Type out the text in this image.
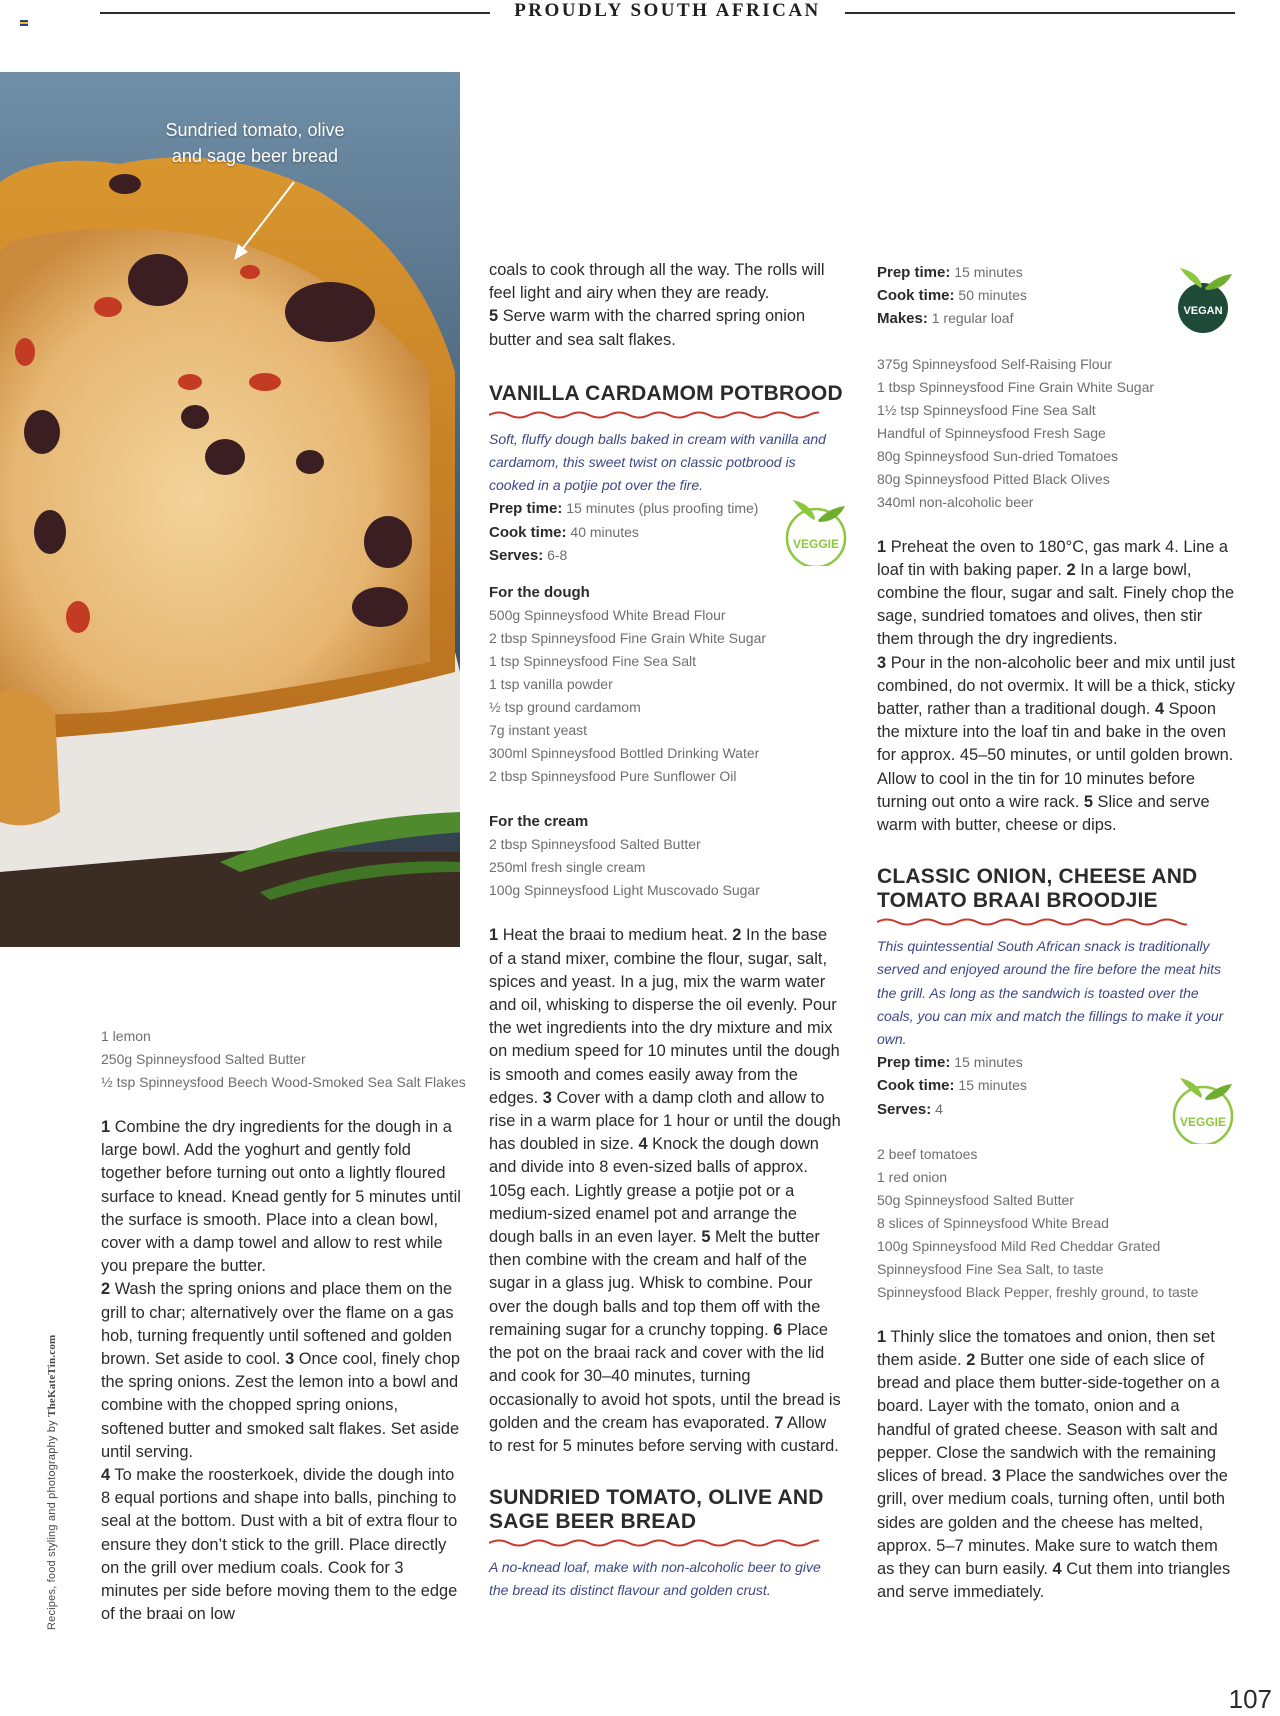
PROUDLY SOUTH AFRICAN
Sundried tomato, olive and sage beer bread
1 lemon
250g Spinneysfood Salted Butter
½ tsp Spinneysfood Beech Wood-Smoked Sea Salt Flakes
1 Combine the dry ingredients for the dough in a large bowl. Add the yoghurt and gently fold together before turning out onto a lightly floured surface to knead. Knead gently for 5 minutes until the surface is smooth. Place into a clean bowl, cover with a damp towel and allow to rest while you prepare the butter.
2 Wash the spring onions and place them on the grill to char; alternatively over the flame on a gas hob, turning frequently until softened and golden brown. Set aside to cool. 3 Once cool, finely chop the spring onions. Zest the lemon into a bowl and combine with the chopped spring onions, softened butter and smoked salt flakes. Set aside until serving.
4 To make the roosterkoek, divide the dough into 8 equal portions and shape into balls, pinching to seal at the bottom. Dust with a bit of extra flour to ensure they don’t stick to the grill. Place directly on the grill over medium coals. Cook for 3 minutes per side before moving them to the edge of the braai on low
coals to cook through all the way. The rolls will feel light and airy when they are ready.
5 Serve warm with the charred spring onion butter and sea salt flakes.
VANILLA CARDAMOM POTBROOD
Soft, fluffy dough balls baked in cream with vanilla and cardamom, this sweet twist on classic potbrood is cooked in a potjie pot over the fire.
Prep time: 15 minutes (plus proofing time)
Cook time: 40 minutes
Serves: 6-8
For the dough
500g Spinneysfood White Bread Flour
2 tbsp Spinneysfood Fine Grain White Sugar
1 tsp Spinneysfood Fine Sea Salt
1 tsp vanilla powder
½ tsp ground cardamom
7g instant yeast
300ml Spinneysfood Bottled Drinking Water
2 tbsp Spinneysfood Pure Sunflower Oil
For the cream
2 tbsp Spinneysfood Salted Butter
250ml fresh single cream
100g Spinneysfood Light Muscovado Sugar
1 Heat the braai to medium heat. 2 In the base of a stand mixer, combine the flour, sugar, salt, spices and yeast. In a jug, mix the warm water and oil, whisking to disperse the oil evenly. Pour the wet ingredients into the dry mixture and mix on medium speed for 10 minutes until the dough is smooth and comes easily away from the edges. 3 Cover with a damp cloth and allow to rise in a warm place for 1 hour or until the dough has doubled in size. 4 Knock the dough down and divide into 8 even-sized balls of approx. 105g each. Lightly grease a potjie pot or a medium-sized enamel pot and arrange the dough balls in an even layer. 5 Melt the butter then combine with the cream and half of the sugar in a glass jug. Whisk to combine. Pour over the dough balls and top them off with the remaining sugar for a crunchy topping. 6 Place the pot on the braai rack and cover with the lid and cook for 30–40 minutes, turning occasionally to avoid hot spots, until the bread is golden and the cream has evaporated. 7 Allow to rest for 5 minutes before serving with custard.
SUNDRIED TOMATO, OLIVE AND
SAGE BEER BREAD
A no-knead loaf, make with non-alcoholic beer to give the bread its distinct flavour and golden crust.
VEGGIE
Prep time: 15 minutes
Cook time: 50 minutes
Makes: 1 regular loaf
375g Spinneysfood Self-Raising Flour
1 tbsp Spinneysfood Fine Grain White Sugar
1½ tsp Spinneysfood Fine Sea Salt
Handful of Spinneysfood Fresh Sage
80g Spinneysfood Sun-dried Tomatoes
80g Spinneysfood Pitted Black Olives
340ml non-alcoholic beer
1 Preheat the oven to 180°C, gas mark 4. Line a loaf tin with baking paper. 2 In a large bowl, combine the flour, sugar and salt. Finely chop the sage, sundried tomatoes and olives, then stir them through the dry ingredients.
3 Pour in the non-alcoholic beer and mix until just combined, do not overmix. It will be a thick, sticky batter, rather than a traditional dough. 4 Spoon the mixture into the loaf tin and bake in the oven for approx. 45–50 minutes, or until golden brown. Allow to cool in the tin for 10 minutes before turning out onto a wire rack. 5 Slice and serve warm with butter, cheese or dips.
CLASSIC ONION, CHEESE AND
TOMATO BRAAI BROODJIE
This quintessential South African snack is traditionally served and enjoyed around the fire before the meat hits the grill. As long as the sandwich is toasted over the coals, you can mix and match the fillings to make it your own.
Prep time: 15 minutes
Cook time: 15 minutes
Serves: 4
2 beef tomatoes
1 red onion
50g Spinneysfood Salted Butter
8 slices of Spinneysfood White Bread
100g Spinneysfood Mild Red Cheddar Grated
Spinneysfood Fine Sea Salt, to taste
Spinneysfood Black Pepper, freshly ground, to taste
1 Thinly slice the tomatoes and onion, then set them aside. 2 Butter one side of each slice of bread and place them butter-side-together on a board. Layer with the tomato, onion and a handful of grated cheese. Season with salt and pepper. Close the sandwich with the remaining slices of bread. 3 Place the sandwiches over the grill, over medium coals, turning often, until both sides are golden and the cheese has melted, approx. 5–7 minutes. Make sure to watch them as they can burn easily. 4 Cut them into triangles and serve immediately.
VEGAN
VEGGIE
Recipes, food styling and photography by TheKateTin.com
107
